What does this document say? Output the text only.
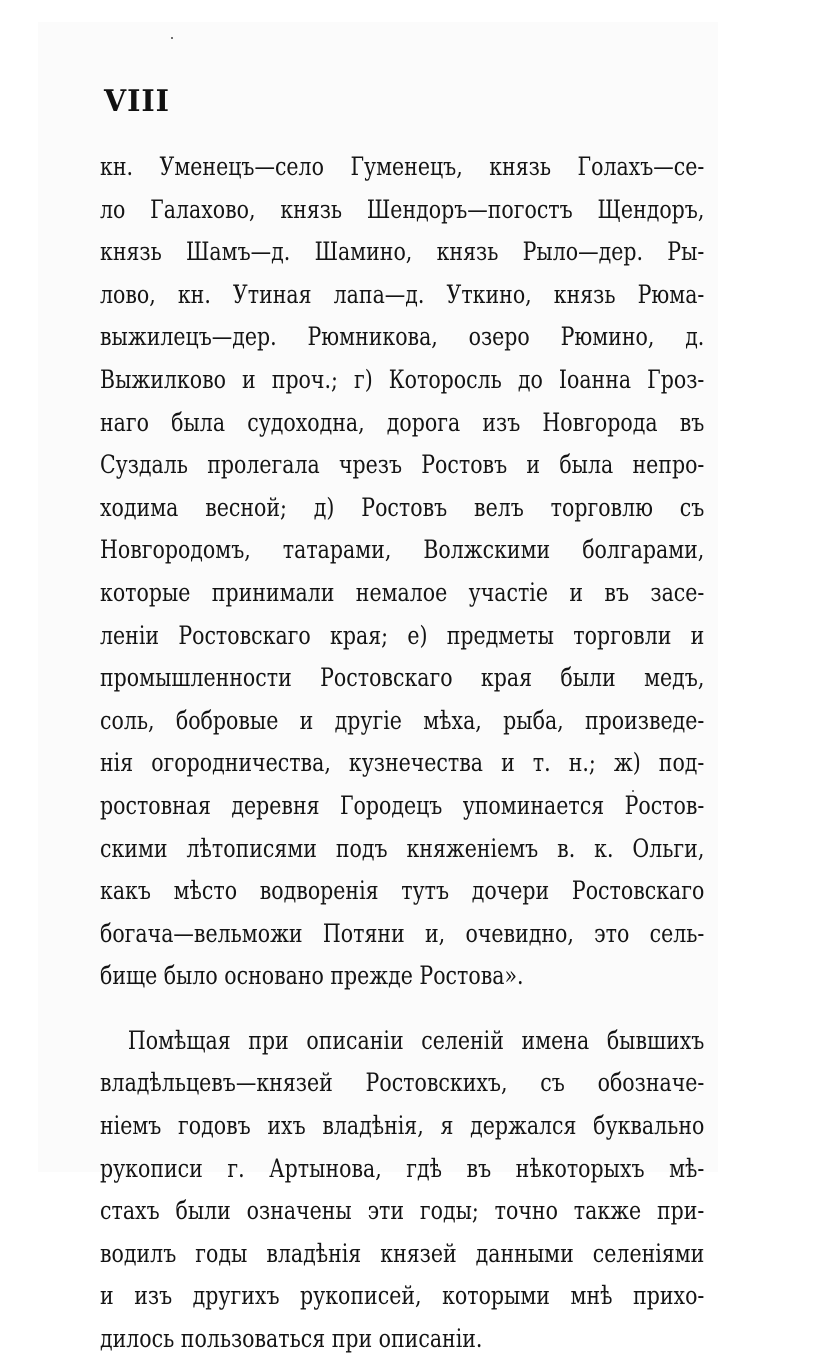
VIII
кн. Уменецъ—село Гуменецъ, князь Голахъ—се-
ло Галахово, князь Шендоръ—погостъ Щендоръ,
князь Шамъ—д. Шамино, князь Рыло—дер. Ры-
лово, кн. Утиная лапа—д. Уткино, князь Рюма-
выжилецъ—дер. Рюмникова, озеро Рюмино, д.
Выжилково и проч.; г) Которосль до Іоанна Гроз-
наго была судоходна, дорога изъ Новгорода въ
Суздаль пролегала чрезъ Ростовъ и была непро-
ходима весной; д) Ростовъ велъ торговлю съ
Новгородомъ, татарами, Волжскими болгарами,
которые принимали немалое участіе и въ засе-
леніи Ростовскаго края; е) предметы торговли и
промышленности Ростовскаго края были медъ,
соль, бобровые и другіе мѣха, рыба, произведе-
нія огородничества, кузнечества и т. н.; ж) под-
ростовная деревня Городецъ упоминается Ростов-
скими лѣтописями подъ княженіемъ в. к. Ольги,
какъ мѣсто водворенія тутъ дочери Ростовскаго
богача—вельможи Потяни и, очевидно, это сель-
бище было основано прежде Ростова».
Помѣщая при описаніи селеній имена бывшихъ
владѣльцевъ—князей Ростовскихъ, съ обозначе-
ніемъ годовъ ихъ владѣнія, я держался буквально
рукописи г. Артынова, гдѣ въ нѣкоторыхъ мѣ-
стахъ были означены эти годы; точно также при-
водилъ годы владѣнія князей данными селеніями
и изъ другихъ рукописей, которыми мнѣ прихо-
дилось пользоваться при описаніи.
